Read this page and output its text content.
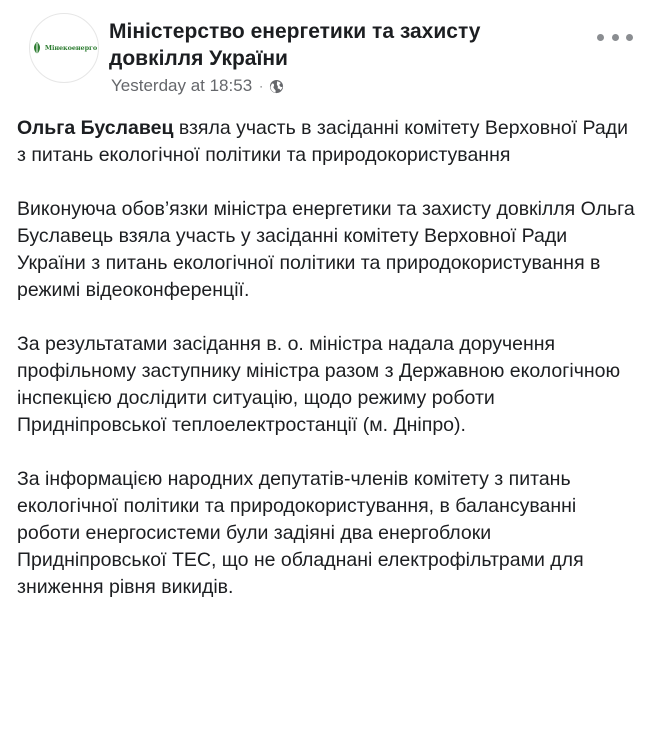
Мінекоенерго
Міністерство енергетики та захисту довкілля України
Yesterday at 18:53 ·

Ольга Буславец взяла участь в засіданні комітету Верховної Ради з питань екологічної політики та природокористування

Виконуюча обов’язки міністра енергетики та захисту довкілля Ольга Буславець взяла участь у засіданні комітету Верховної Ради України з питань екологічної політики та природокористування в режимі відеоконференції.

За результатами засідання в. о. міністра надала доручення профільному заступнику міністра разом з Державною екологічною інспекцією дослідити ситуацію, щодо режиму роботи Придніпровської теплоелектростанції (м. Дніпро).

За інформацією народних депутатів-членів комітету з питань екологічної політики та природокористування, в балансуванні роботи енергосистеми були задіяні два енергоблоки Придніпровської ТЕС, що не обладнані електрофільтрами для зниження рівня викидів.
